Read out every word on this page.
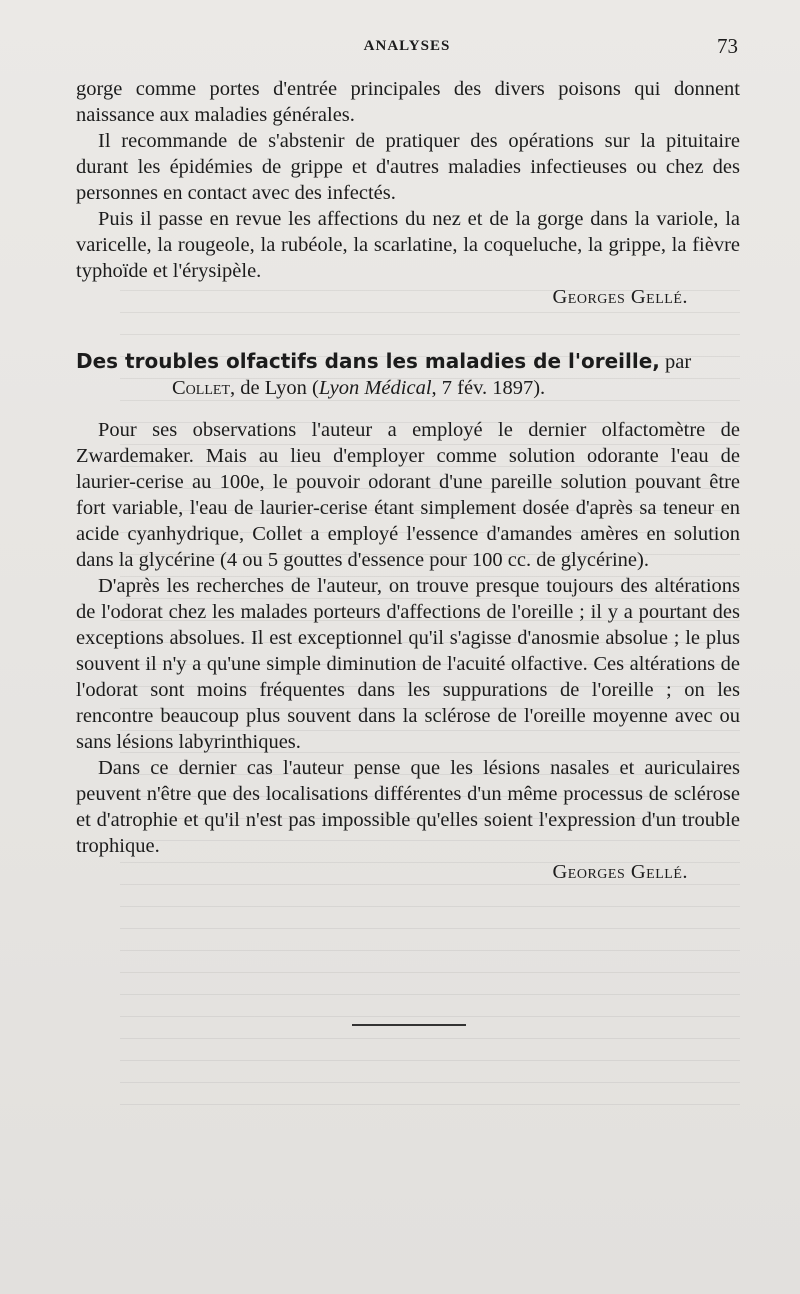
ANALYSES	73

gorge comme portes d'entrée principales des divers poisons qui donnent naissance aux maladies générales.

Il recommande de s'abstenir de pratiquer des opérations sur la pituitaire durant les épidémies de grippe et d'autres maladies infectieuses ou chez des personnes en contact avec des infectés.

Puis il passe en revue les affections du nez et de la gorge dans la variole, la varicelle, la rougeole, la rubéole, la scarlatine, la coqueluche, la grippe, la fièvre typhoïde et l'érysipèle.

Georges Gellé.

Des troubles olfactifs dans les maladies de l'oreille, par
Collet, de Lyon (Lyon Médical, 7 fév. 1897).

Pour ses observations l'auteur a employé le dernier olfactomètre de Zwardemaker. Mais au lieu d'employer comme solution odorante l'eau de laurier-cerise au 100e, le pouvoir odorant d'une pareille solution pouvant être fort variable, l'eau de laurier-cerise étant simplement dosée d'après sa teneur en acide cyanhydrique, Collet a employé l'essence d'amandes amères en solution dans la glycérine (4 ou 5 gouttes d'essence pour 100 cc. de glycérine).

D'après les recherches de l'auteur, on trouve presque toujours des altérations de l'odorat chez les malades porteurs d'affections de l'oreille ; il y a pourtant des exceptions absolues. Il est exceptionnel qu'il s'agisse d'anosmie absolue ; le plus souvent il n'y a qu'une simple diminution de l'acuité olfactive. Ces altérations de l'odorat sont moins fréquentes dans les suppurations de l'oreille ; on les rencontre beaucoup plus souvent dans la sclérose de l'oreille moyenne avec ou sans lésions labyrinthiques.

Dans ce dernier cas l'auteur pense que les lésions nasales et auriculaires peuvent n'être que des localisations différentes d'un même processus de sclérose et d'atrophie et qu'il n'est pas impossible qu'elles soient l'expression d'un trouble trophique.

Georges Gellé.
